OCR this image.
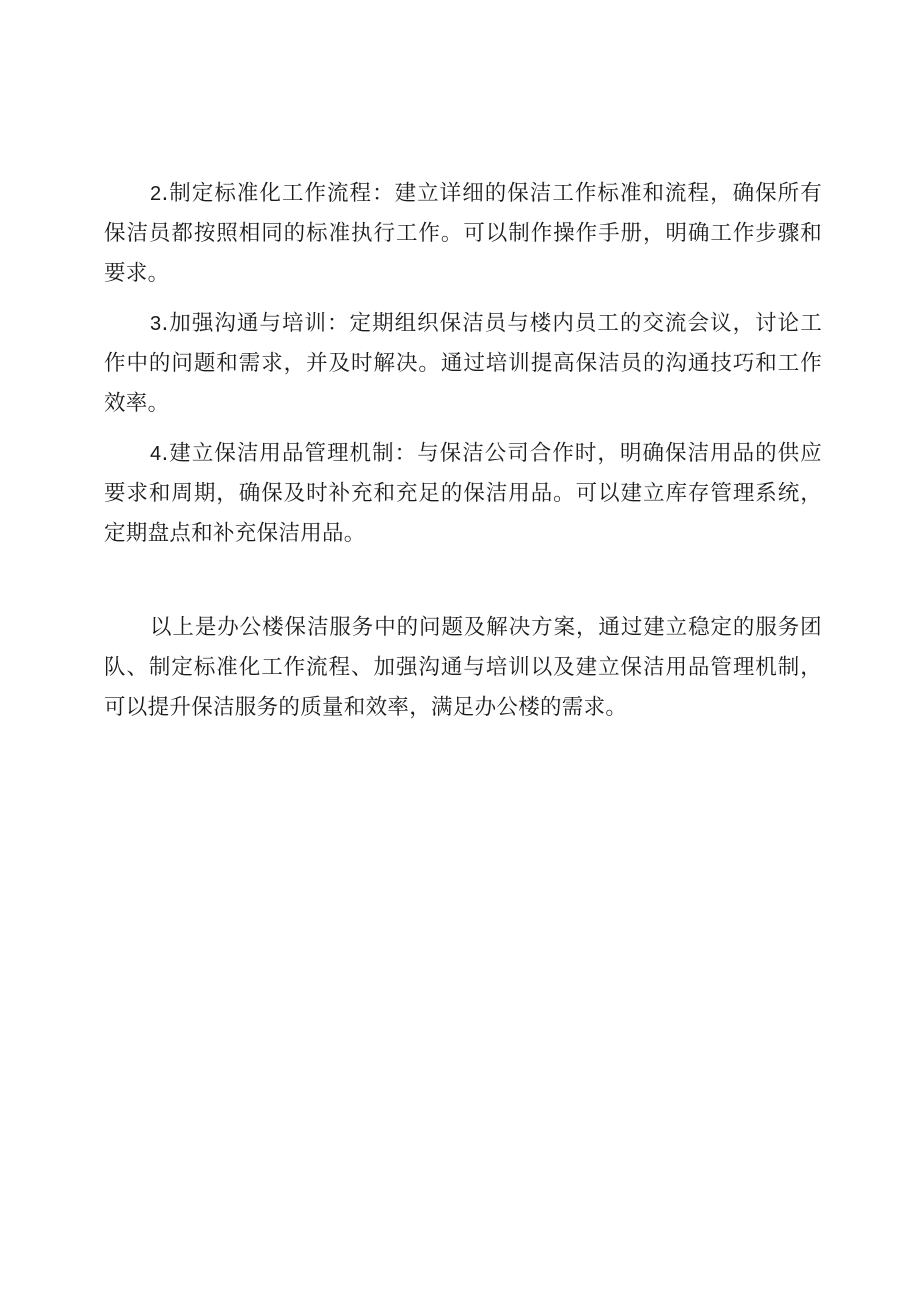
2.制定标准化工作流程：建立详细的保洁工作标准和流程，确保所有保洁员都按照相同的标准执行工作。可以制作操作手册，明确工作步骤和要求。

3.加强沟通与培训：定期组织保洁员与楼内员工的交流会议，讨论工作中的问题和需求，并及时解决。通过培训提高保洁员的沟通技巧和工作效率。

4.建立保洁用品管理机制：与保洁公司合作时，明确保洁用品的供应要求和周期，确保及时补充和充足的保洁用品。可以建立库存管理系统，定期盘点和补充保洁用品。

以上是办公楼保洁服务中的问题及解决方案，通过建立稳定的服务团队、制定标准化工作流程、加强沟通与培训以及建立保洁用品管理机制，可以提升保洁服务的质量和效率，满足办公楼的需求。
